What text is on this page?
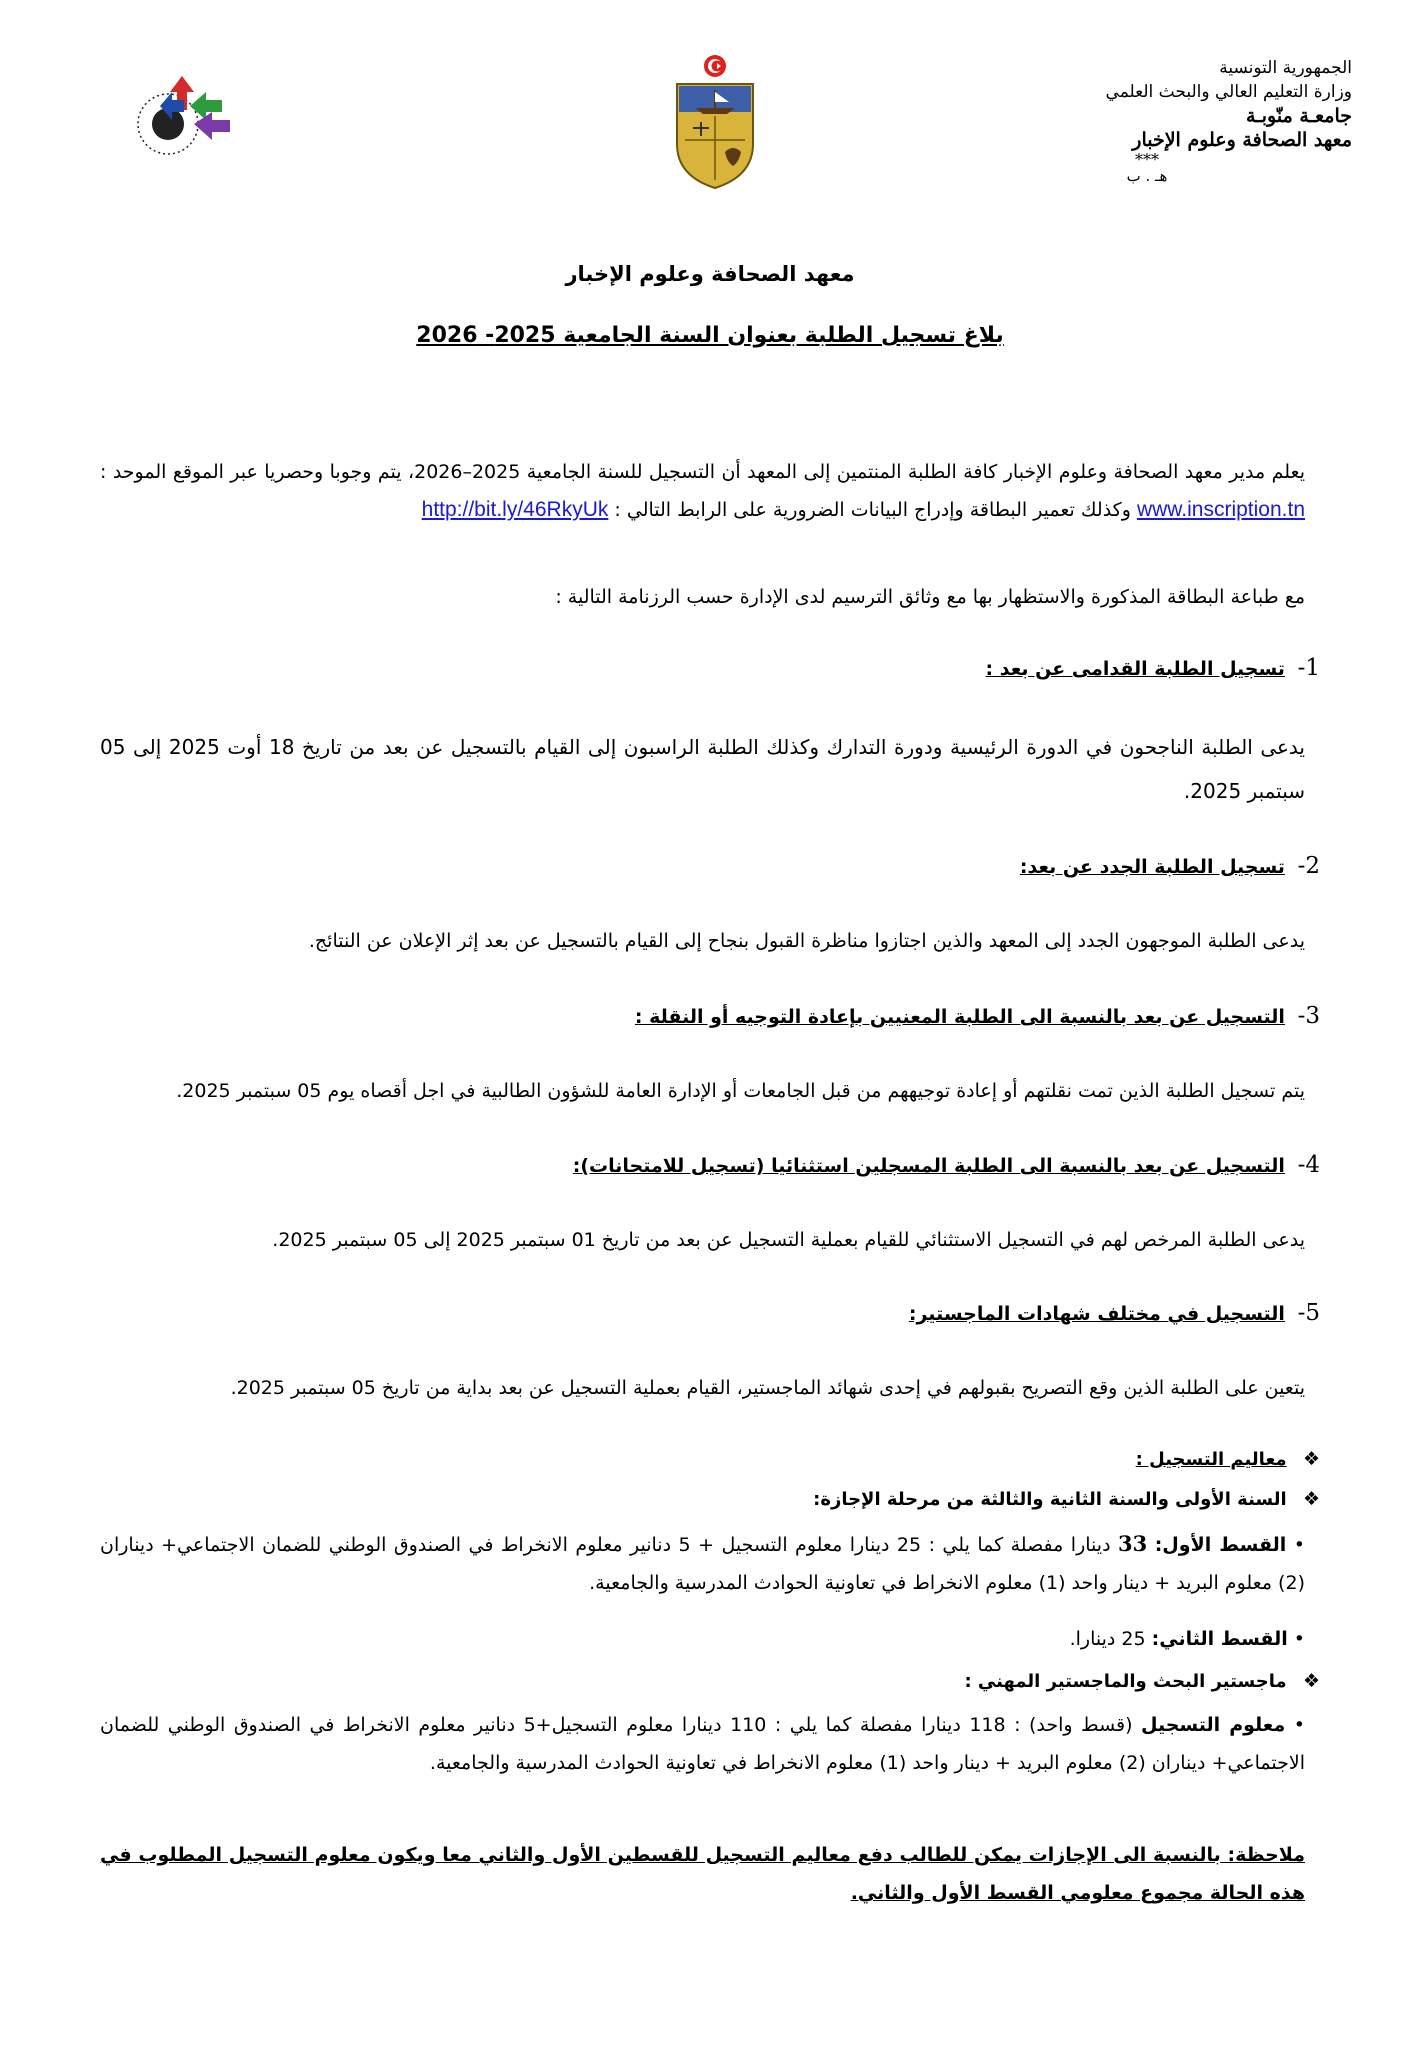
الجمهورية التونسية
وزارة التعليم العالي والبحث العلمي
جامعـة منّوبـة
معهد الصحافة وعلوم الإخبار
***
هـ . ب
معهد الصحافة وعلوم الإخبار
بلاغ تسجيل الطلبة بعنوان السنة الجامعية 2025- 2026
يعلم مدير معهد الصحافة وعلوم الإخبار كافة الطلبة المنتمين إلى المعهد أن التسجيل للسنة الجامعية 2025–2026، يتم وجوبا وحصريا عبر الموقع الموحد : www.inscription.tn وكذلك تعمير البطاقة وإدراج البيانات الضرورية على الرابط التالي : http://bit.ly/46RkyUk
مع طباعة البطاقة المذكورة والاستظهار بها مع وثائق الترسيم لدى الإدارة حسب الرزنامة التالية :
1- تسجيل الطلبة القدامى عن بعد :
يدعى الطلبة الناجحون في الدورة الرئيسية ودورة التدارك وكذلك الطلبة الراسبون إلى القيام بالتسجيل عن بعد من تاريخ 18 أوت 2025 إلى 05 سبتمبر 2025.
2- تسجيل الطلبة الجدد عن بعد:
يدعى الطلبة الموجهون الجدد إلى المعهد والذين اجتازوا مناظرة القبول بنجاح إلى القيام بالتسجيل عن بعد إثر الإعلان عن النتائج.
3- التسجيل عن بعد بالنسبة الى الطلبة المعنيين بإعادة التوجيه أو النقلة :
يتم تسجيل الطلبة الذين تمت نقلتهم أو إعادة توجيههم من قبل الجامعات أو الإدارة العامة للشؤون الطالبية في اجل أقصاه يوم 05 سبتمبر 2025.
4- التسجيل عن بعد بالنسبة الى الطلبة المسجلين استثنائيا (تسجيل للامتحانات):
يدعى الطلبة المرخص لهم في التسجيل الاستثنائي للقيام بعملية التسجيل عن بعد من تاريخ 01 سبتمبر 2025 إلى 05 سبتمبر 2025.
5- التسجيل في مختلف شهادات الماجستير:
يتعين على الطلبة الذين وقع التصريح بقبولهم في إحدى شهائد الماجستير، القيام بعملية التسجيل عن بعد بداية من تاريخ 05 سبتمبر 2025.
❖ معاليم التسجيل :
❖ السنة الأولى والسنة الثانية والثالثة من مرحلة الإجازة:
• القسط الأول: 33 دينارا مفصلة كما يلي : 25 دينارا معلوم التسجيل + 5 دنانير معلوم الانخراط في الصندوق الوطني للضمان الاجتماعي+ ديناران (2) معلوم البريد + دينار واحد (1) معلوم الانخراط في تعاونية الحوادث المدرسية والجامعية.
• القسط الثاني: 25 دينارا.
❖ ماجستير البحث والماجستير المهني :
• معلوم التسجيل (قسط واحد) : 118 دينارا مفصلة كما يلي : 110 دينارا معلوم التسجيل+5 دنانير معلوم الانخراط في الصندوق الوطني للضمان الاجتماعي+ ديناران (2) معلوم البريد + دينار واحد (1) معلوم الانخراط في تعاونية الحوادث المدرسية والجامعية.
ملاحظة: بالنسبة الى الإجازات يمكن للطالب دفع معاليم التسجيل للقسطين الأول والثاني معا ويكون معلوم التسجيل المطلوب في هذه الحالة مجموع معلومي القسط الأول والثاني.
